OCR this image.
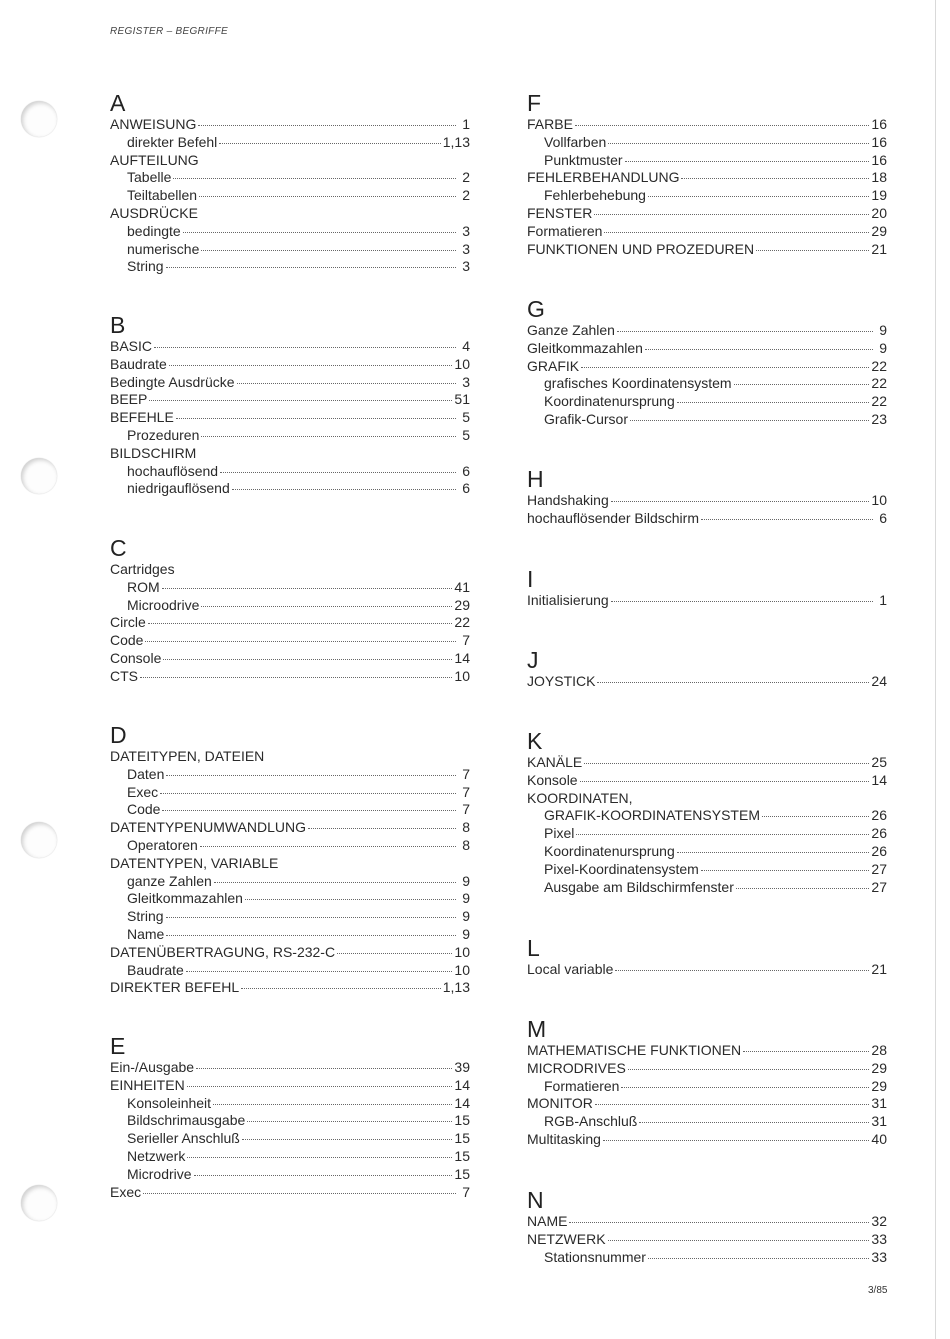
REGISTER – BEGRIFFE
A
ANWEISUNG	1
direkter Befehl	1,13
AUFTEILUNG
Tabelle	2
Teiltabellen	2
AUSDRÜCKE
bedingte	3
numerische	3
String	3
B
BASIC	4
Baudrate	10
Bedingte Ausdrücke	3
BEEP	51
BEFEHLE	5
Prozeduren	5
BILDSCHIRM
hochauflösend	6
niedrigauflösend	6
C
Cartridges
ROM	41
Microodrive	29
Circle	22
Code	7
Console	14
CTS	10
D
DATEITYPEN, DATEIEN
Daten	7
Exec	7
Code	7
DATENTYPENUMWANDLUNG	8
Operatoren	8
DATENTYPEN, VARIABLE
ganze Zahlen	9
Gleitkommazahlen	9
String	9
Name	9
DATENÜBERTRAGUNG, RS-232-C	10
Baudrate	10
DIREKTER BEFEHL	1,13
E
Ein-/Ausgabe	39
EINHEITEN	14
Konsoleinheit	14
Bildschrimausgabe	15
Serieller Anschluß	15
Netzwerk	15
Microdrive	15
Exec	7
F
FARBE	16
Vollfarben	16
Punktmuster	16
FEHLERBEHANDLUNG	18
Fehlerbehebung	19
FENSTER	20
Formatieren	29
FUNKTIONEN UND PROZEDUREN	21
G
Ganze Zahlen	9
Gleitkommazahlen	9
GRAFIK	22
grafisches Koordinatensystem	22
Koordinatenursprung	22
Grafik-Cursor	23
H
Handshaking	10
hochauflösender Bildschirm	6
I
Initialisierung	1
J
JOYSTICK	24
K
KANÄLE	25
Konsole	14
KOORDINATEN,
GRAFIK-KOORDINATENSYSTEM	26
Pixel	26
Koordinatenursprung	26
Pixel-Koordinatensystem	27
Ausgabe am Bildschirmfenster	27
L
Local variable	21
M
MATHEMATISCHE FUNKTIONEN	28
MICRODRIVES	29
Formatieren	29
MONITOR	31
RGB-Anschluß	31
Multitasking	40
N
NAME	32
NETZWERK	33
Stationsnummer	33
3/85
